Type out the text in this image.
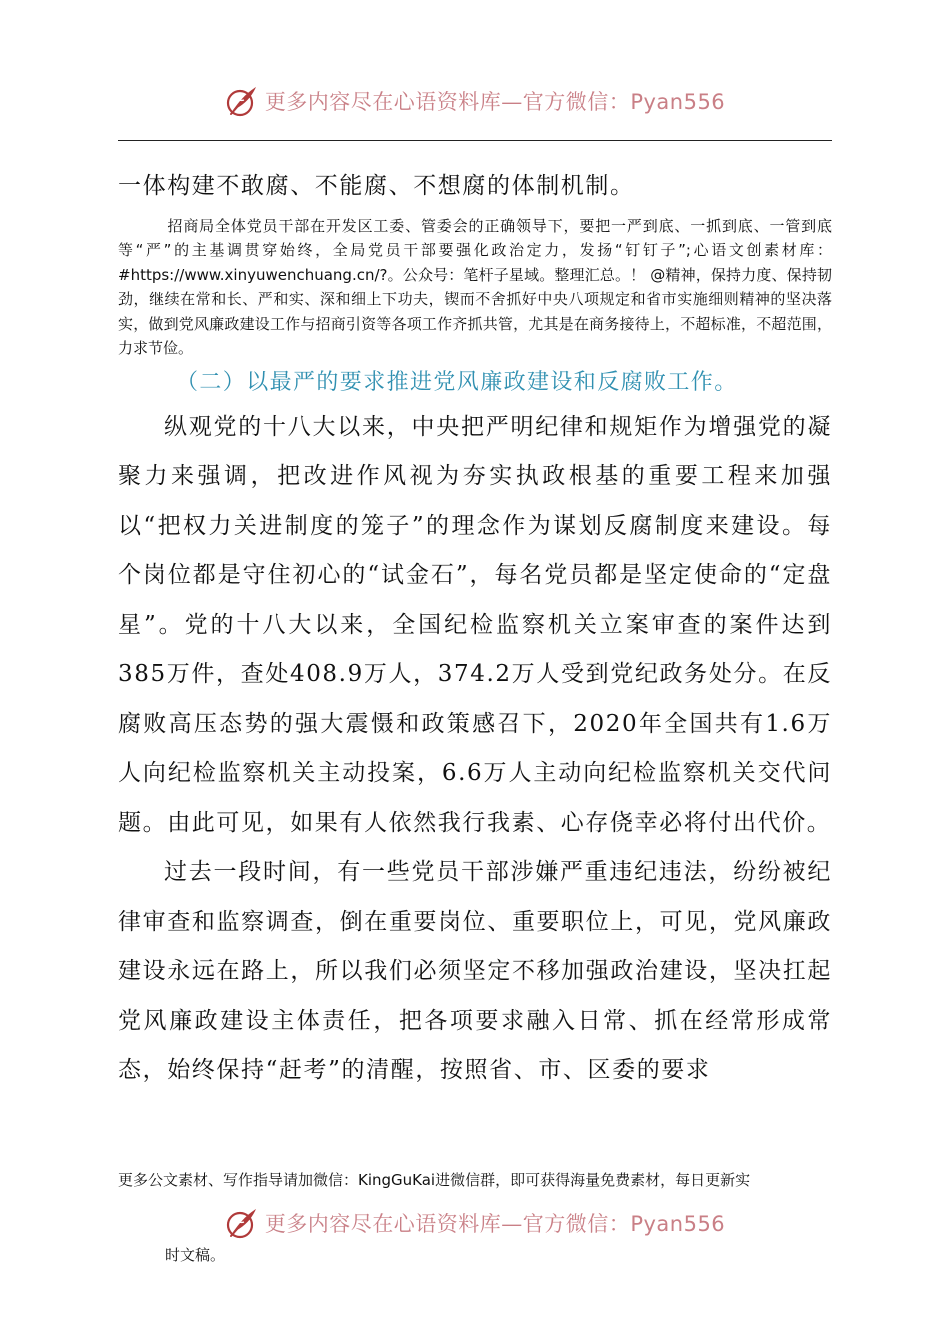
更多内容尽在心语资料库—官方微信：Pyan556

一体构建不敢腐、不能腐、不想腐的体制机制。

招商局全体党员干部在开发区工委、管委会的正确领导下，要把一严到底、一抓到底、一管到底等“严”的主基调贯穿始终，全局党员干部要强化政治定力，发扬“钉钉子”;心语文创素材库：#https://www.xinyuwenchuang.cn/?。公众号：笔杆子星域。整理汇总。！ @精神，保持力度、保持韧劲，继续在常和长、严和实、深和细上下功夫，锲而不舍抓好中央八项规定和省市实施细则精神的坚决落实，做到党风廉政建设工作与招商引资等各项工作齐抓共管，尤其是在商务接待上，不超标准，不超范围，力求节俭。

（二）以最严的要求推进党风廉政建设和反腐败工作。

纵观党的十八大以来，中央把严明纪律和规矩作为增强党的凝聚力来强调，把改进作风视为夯实执政根基的重要工程来加强以“把权力关进制度的笼子”的理念作为谋划反腐制度来建设。每个岗位都是守住初心的“试金石”，每名党员都是坚定使命的“定盘星”。党的十八大以来，全国纪检监察机关立案审查的案件达到385万件，查处408.9万人，374.2万人受到党纪政务处分。在反腐败高压态势的强大震慑和政策感召下，2020年全国共有1.6万人向纪检监察机关主动投案，6.6万人主动向纪检监察机关交代问题。由此可见，如果有人依然我行我素、心存侥幸必将付出代价。

过去一段时间，有一些党员干部涉嫌严重违纪违法，纷纷被纪律审查和监察调查，倒在重要岗位、重要职位上，可见，党风廉政建设永远在路上，所以我们必须坚定不移加强政治建设，坚决扛起党风廉政建设主体责任，把各项要求融入日常、抓在经常形成常态，始终保持“赶考”的清醒，按照省、市、区委的要求

更多公文素材、写作指导请加微信：KingGuKai进微信群，即可获得海量免费素材，每日更新实
更多内容尽在心语资料库—官方微信：Pyan556
时文稿。
